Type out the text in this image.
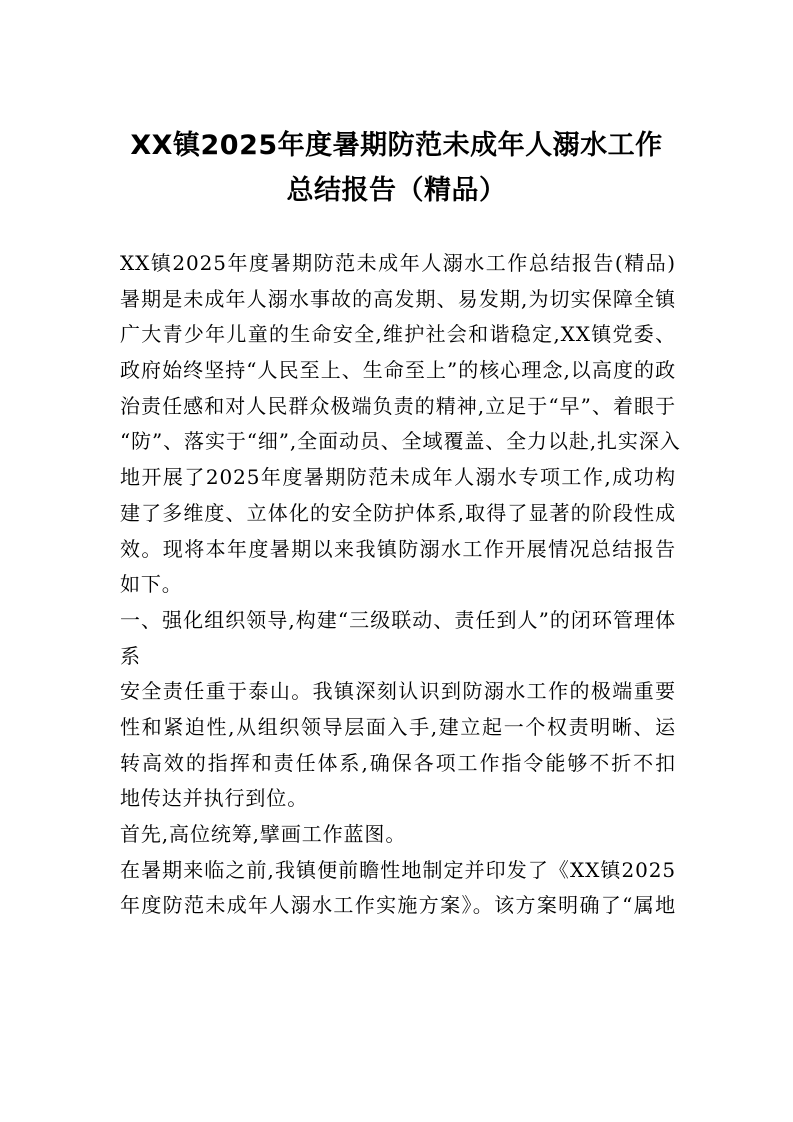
XX镇2025年度暑期防范未成年人溺水工作
总结报告（精品）
XX镇2025年度暑期防范未成年人溺水工作总结报告(精品)
暑期是未成年人溺水事故的高发期、易发期,为切实保障全镇
广大青少年儿童的生命安全,维护社会和谐稳定,XX镇党委、
政府始终坚持“人民至上、生命至上”的核心理念,以高度的政
治责任感和对人民群众极端负责的精神,立足于“早”、着眼于
“防”、落实于“细”,全面动员、全域覆盖、全力以赴,扎实深入
地开展了2025年度暑期防范未成年人溺水专项工作,成功构
建了多维度、立体化的安全防护体系,取得了显著的阶段性成
效。现将本年度暑期以来我镇防溺水工作开展情况总结报告
如下。
一、强化组织领导,构建“三级联动、责任到人”的闭环管理体
系
安全责任重于泰山。我镇深刻认识到防溺水工作的极端重要
性和紧迫性,从组织领导层面入手,建立起一个权责明晰、运
转高效的指挥和责任体系,确保各项工作指令能够不折不扣
地传达并执行到位。
首先,高位统筹,擘画工作蓝图。
在暑期来临之前,我镇便前瞻性地制定并印发了《XX镇2025
年度防范未成年人溺水工作实施方案》。该方案明确了“属地
